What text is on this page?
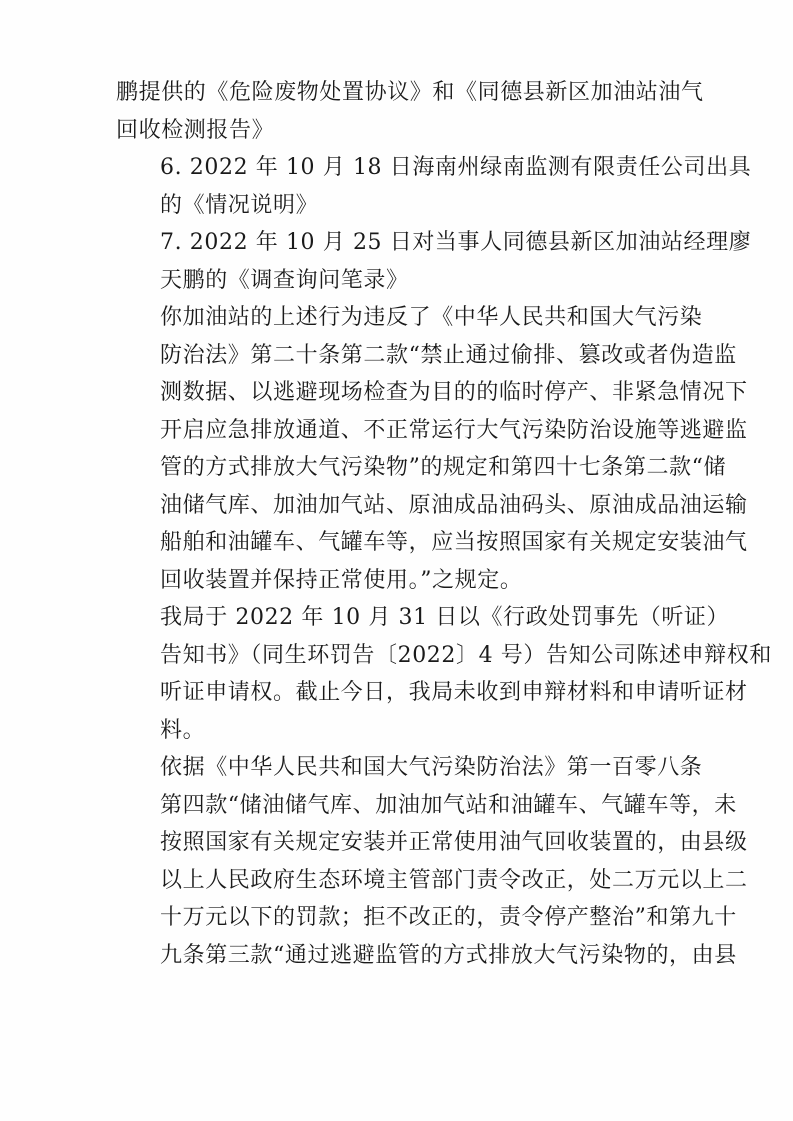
鹏提供的《危险废物处置协议》和《同德县新区加油站油气
回收检测报告》

6. 2022 年 10 月 18 日海南州绿南监测有限责任公司出具
的《情况说明》

7. 2022 年 10 月 25 日对当事人同德县新区加油站经理廖
天鹏的《调查询问笔录》

你加油站的上述行为违反了《中华人民共和国大气污染
防治法》第二十条第二款“禁止通过偷排、篡改或者伪造监
测数据、以逃避现场检查为目的的临时停产、非紧急情况下
开启应急排放通道、不正常运行大气污染防治设施等逃避监
管的方式排放大气污染物”的规定和第四十七条第二款“储
油储气库、加油加气站、原油成品油码头、原油成品油运输
船舶和油罐车、气罐车等，应当按照国家有关规定安装油气
回收装置并保持正常使用。”之规定。

我局于 2022 年 10 月 31 日以《行政处罚事先（听证）
告知书》（同生环罚告〔2022〕4 号）告知公司陈述申辩权和
听证申请权。截止今日，我局未收到申辩材料和申请听证材
料。

依据《中华人民共和国大气污染防治法》第一百零八条
第四款“储油储气库、加油加气站和油罐车、气罐车等，未
按照国家有关规定安装并正常使用油气回收装置的，由县级
以上人民政府生态环境主管部门责令改正，处二万元以上二
十万元以下的罚款；拒不改正的，责令停产整治”和第九十
九条第三款“通过逃避监管的方式排放大气污染物的，由县
